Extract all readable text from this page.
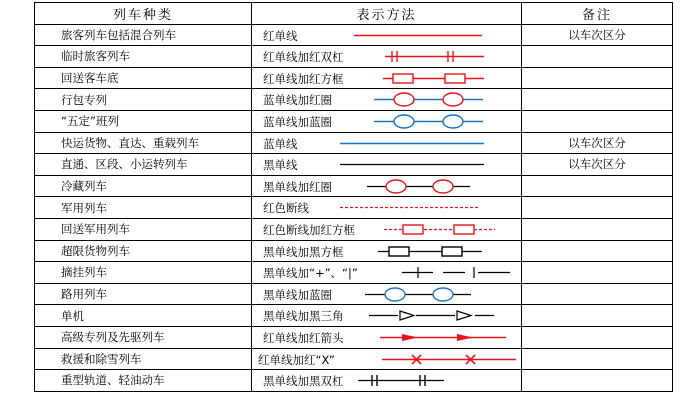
列车种类	表示方法	备注
旅客列车包括混合列车	红单线	以车次区分
临时旅客列车	红单线加红双杠	

回送客车底	红单线加红方框	

行包专列	蓝单线加红圈	

“五定”班列	蓝单线加蓝圈	

快运货物、直达、重载列车	蓝单线	以车次区分
直通、区段、小运转列车	黑单线	以车次区分
冷藏列车	黑单线加红圈	

军用列车	红色断线	

回送军用列车	红色断线加红方框	

超限货物列车	黑单线加黑方框	

摘挂列车	黑单线加“+”、“|”	

路用列车	黑单线加蓝圈	

单机	黑单线加黑三角	

高级专列及先驱列车	红单线加红箭头	

救援和除雪列车	红单线加红“X”	

重型轨道、轻油动车	黑单线加黑双杠	
